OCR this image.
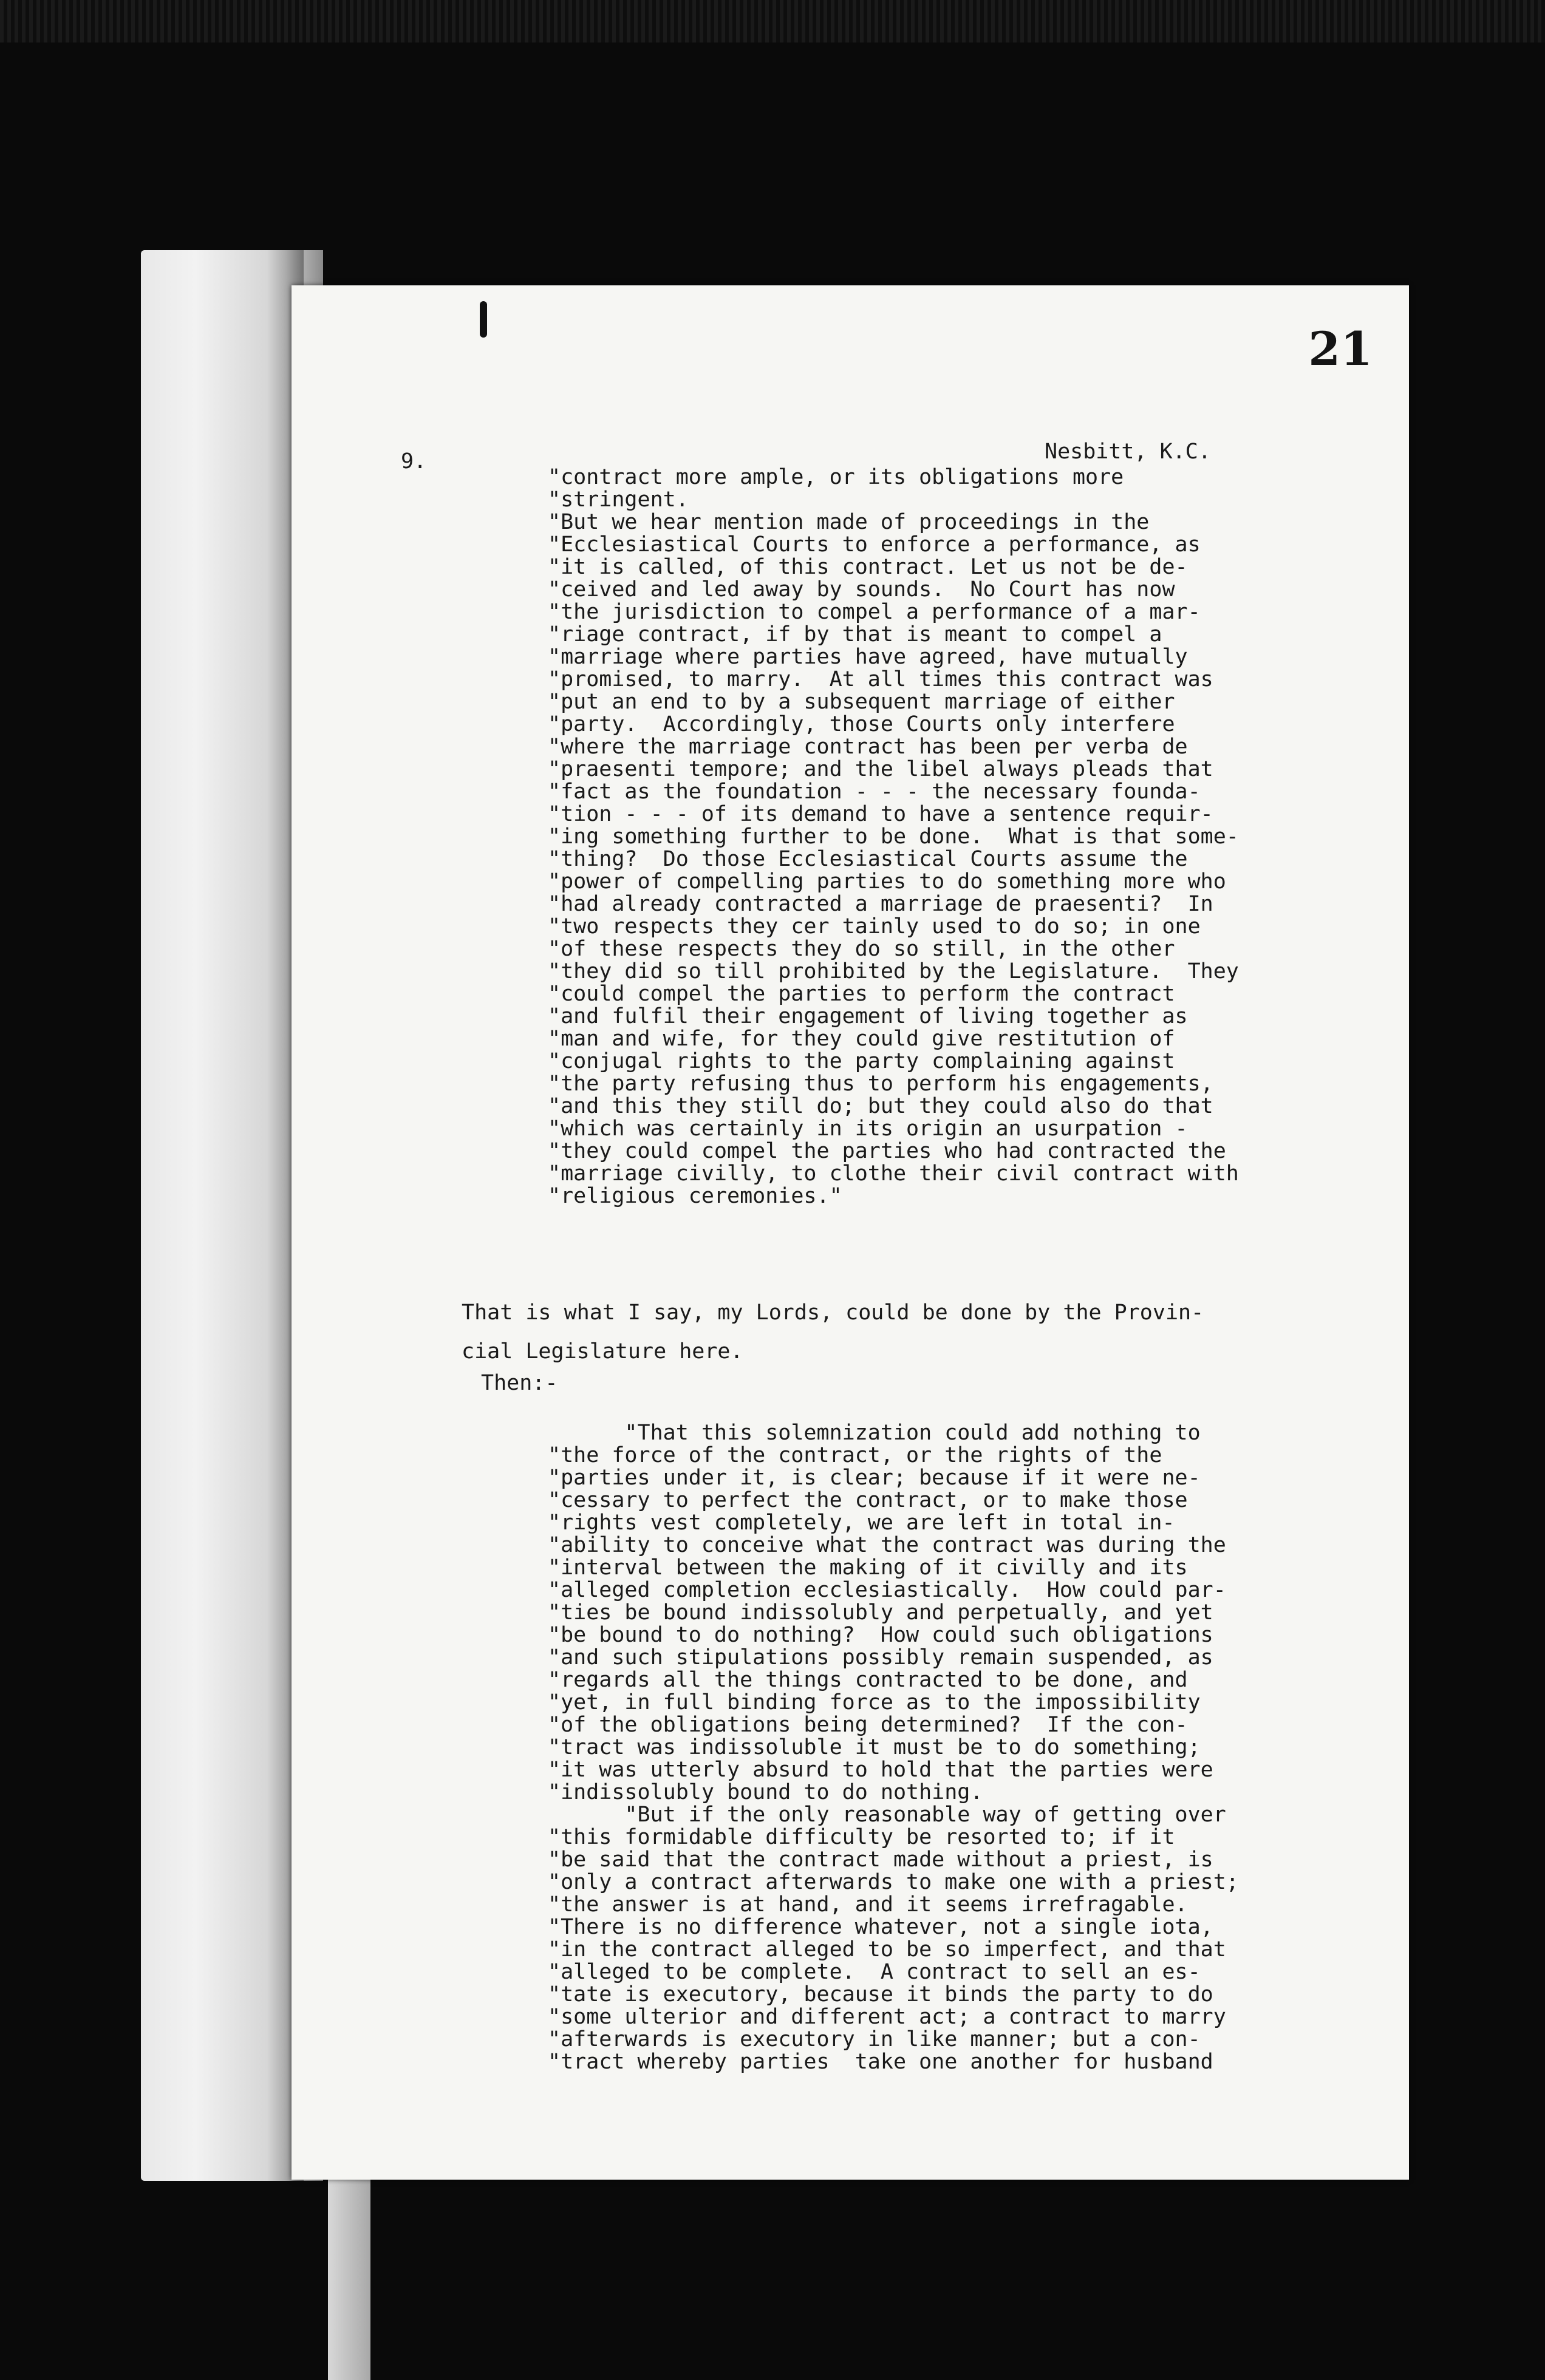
21
9.	Nesbitt, K.C.
"contract more ample, or its obligations more
"stringent.
"But we hear mention made of proceedings in the
"Ecclesiastical Courts to enforce a performance, as
"it is called, of this contract. Let us not be de-
"ceived and led away by sounds.  No Court has now
"the jurisdiction to compel a performance of a mar-
"riage contract, if by that is meant to compel a
"marriage where parties have agreed, have mutually
"promised, to marry.  At all times this contract was
"put an end to by a subsequent marriage of either
"party.  Accordingly, those Courts only interfere
"where the marriage contract has been per verba de
"praesenti tempore; and the libel always pleads that
"fact as the foundation - - - the necessary founda-
"tion - - - of its demand to have a sentence requir-
"ing something further to be done.  What is that some-
"thing?  Do those Ecclesiastical Courts assume the
"power of compelling parties to do something more who
"had already contracted a marriage de praesenti?  In
"two respects they cer tainly used to do so; in one
"of these respects they do so still, in the other
"they did so till prohibited by the Legislature.  They
"could compel the parties to perform the contract
"and fulfil their engagement of living together as
"man and wife, for they could give restitution of
"conjugal rights to the party complaining against
"the party refusing thus to perform his engagements,
"and this they still do; but they could also do that
"which was certainly in its origin an usurpation -
"they could compel the parties who had contracted the
"marriage civilly, to clothe their civil contract with
"religious ceremonies."
That is what I say, my Lords, could be done by the Provin-
cial Legislature here.
Then:-
"That this solemnization could add nothing to
"the force of the contract, or the rights of the
"parties under it, is clear; because if it were ne-
"cessary to perfect the contract, or to make those
"rights vest completely, we are left in total in-
"ability to conceive what the contract was during the
"interval between the making of it civilly and its
"alleged completion ecclesiastically.  How could par-
"ties be bound indissolubly and perpetually, and yet
"be bound to do nothing?  How could such obligations
"and such stipulations possibly remain suspended, as
"regards all the things contracted to be done, and
"yet, in full binding force as to the impossibility
"of the obligations being determined?  If the con-
"tract was indissoluble it must be to do something;
"it was utterly absurd to hold that the parties were
"indissolubly bound to do nothing.
"But if the only reasonable way of getting over
"this formidable difficulty be resorted to; if it
"be said that the contract made without a priest, is
"only a contract afterwards to make one with a priest;
"the answer is at hand, and it seems irrefragable.
"There is no difference whatever, not a single iota,
"in the contract alleged to be so imperfect, and that
"alleged to be complete.  A contract to sell an es-
"tate is executory, because it binds the party to do
"some ulterior and different act; a contract to marry
"afterwards is executory in like manner; but a con-
"tract whereby parties  take one another for husband
